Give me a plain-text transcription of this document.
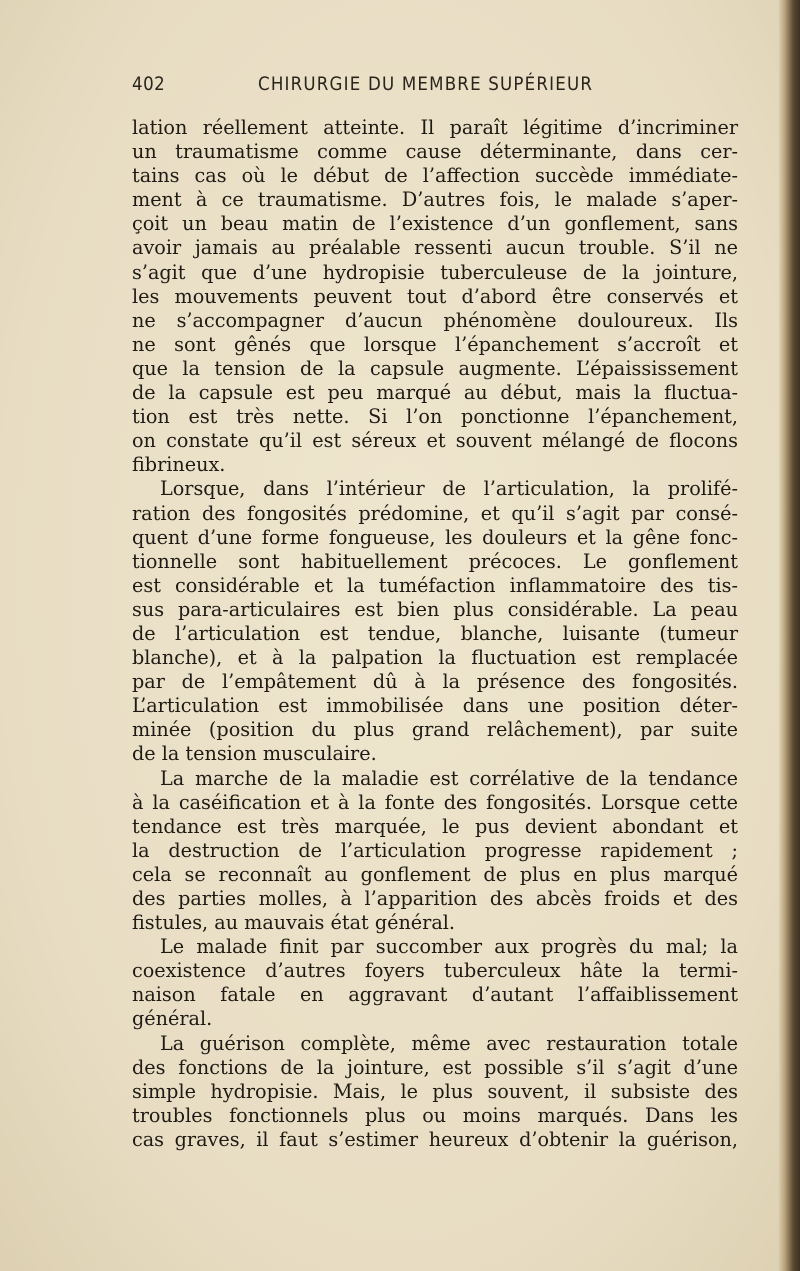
402	CHIRURGIE DU MEMBRE SUPÉRIEUR
lation réellement atteinte. Il paraît légitime d’incriminer
un traumatisme comme cause déterminante, dans cer-
tains cas où le début de l’affection succède immédiate-
ment à ce traumatisme. D’autres fois, le malade s’aper-
çoit un beau matin de l’existence d’un gonflement, sans
avoir jamais au préalable ressenti aucun trouble. S’il ne
s’agit que d’une hydropisie tuberculeuse de la jointure,
les mouvements peuvent tout d’abord être conservés et
ne s’accompagner d’aucun phénomène douloureux. Ils
ne sont gênés que lorsque l’épanchement s’accroît et
que la tension de la capsule augmente. L’épaississement
de la capsule est peu marqué au début, mais la fluctua-
tion est très nette. Si l’on ponctionne l’épanchement,
on constate qu’il est séreux et souvent mélangé de flocons
fibrineux.
Lorsque, dans l’intérieur de l’articulation, la prolifé-
ration des fongosités prédomine, et qu’il s’agit par consé-
quent d’une forme fongueuse, les douleurs et la gêne fonc-
tionnelle sont habituellement précoces. Le gonflement
est considérable et la tuméfaction inflammatoire des tis-
sus para-articulaires est bien plus considérable. La peau
de l’articulation est tendue, blanche, luisante (tumeur
blanche), et à la palpation la fluctuation est remplacée
par de l’empâtement dû à la présence des fongosités.
L’articulation est immobilisée dans une position déter-
minée (position du plus grand relâchement), par suite
de la tension musculaire.
La marche de la maladie est corrélative de la tendance
à la caséification et à la fonte des fongosités. Lorsque cette
tendance est très marquée, le pus devient abondant et
la destruction de l’articulation progresse rapidement ;
cela se reconnaît au gonflement de plus en plus marqué
des parties molles, à l’apparition des abcès froids et des
fistules, au mauvais état général.
Le malade finit par succomber aux progrès du mal; la
coexistence d’autres foyers tuberculeux hâte la termi-
naison fatale en aggravant d’autant l’affaiblissement
général.
La guérison complète, même avec restauration totale
des fonctions de la jointure, est possible s’il s’agit d’une
simple hydropisie. Mais, le plus souvent, il subsiste des
troubles fonctionnels plus ou moins marqués. Dans les
cas graves, il faut s’estimer heureux d’obtenir la guérison,
